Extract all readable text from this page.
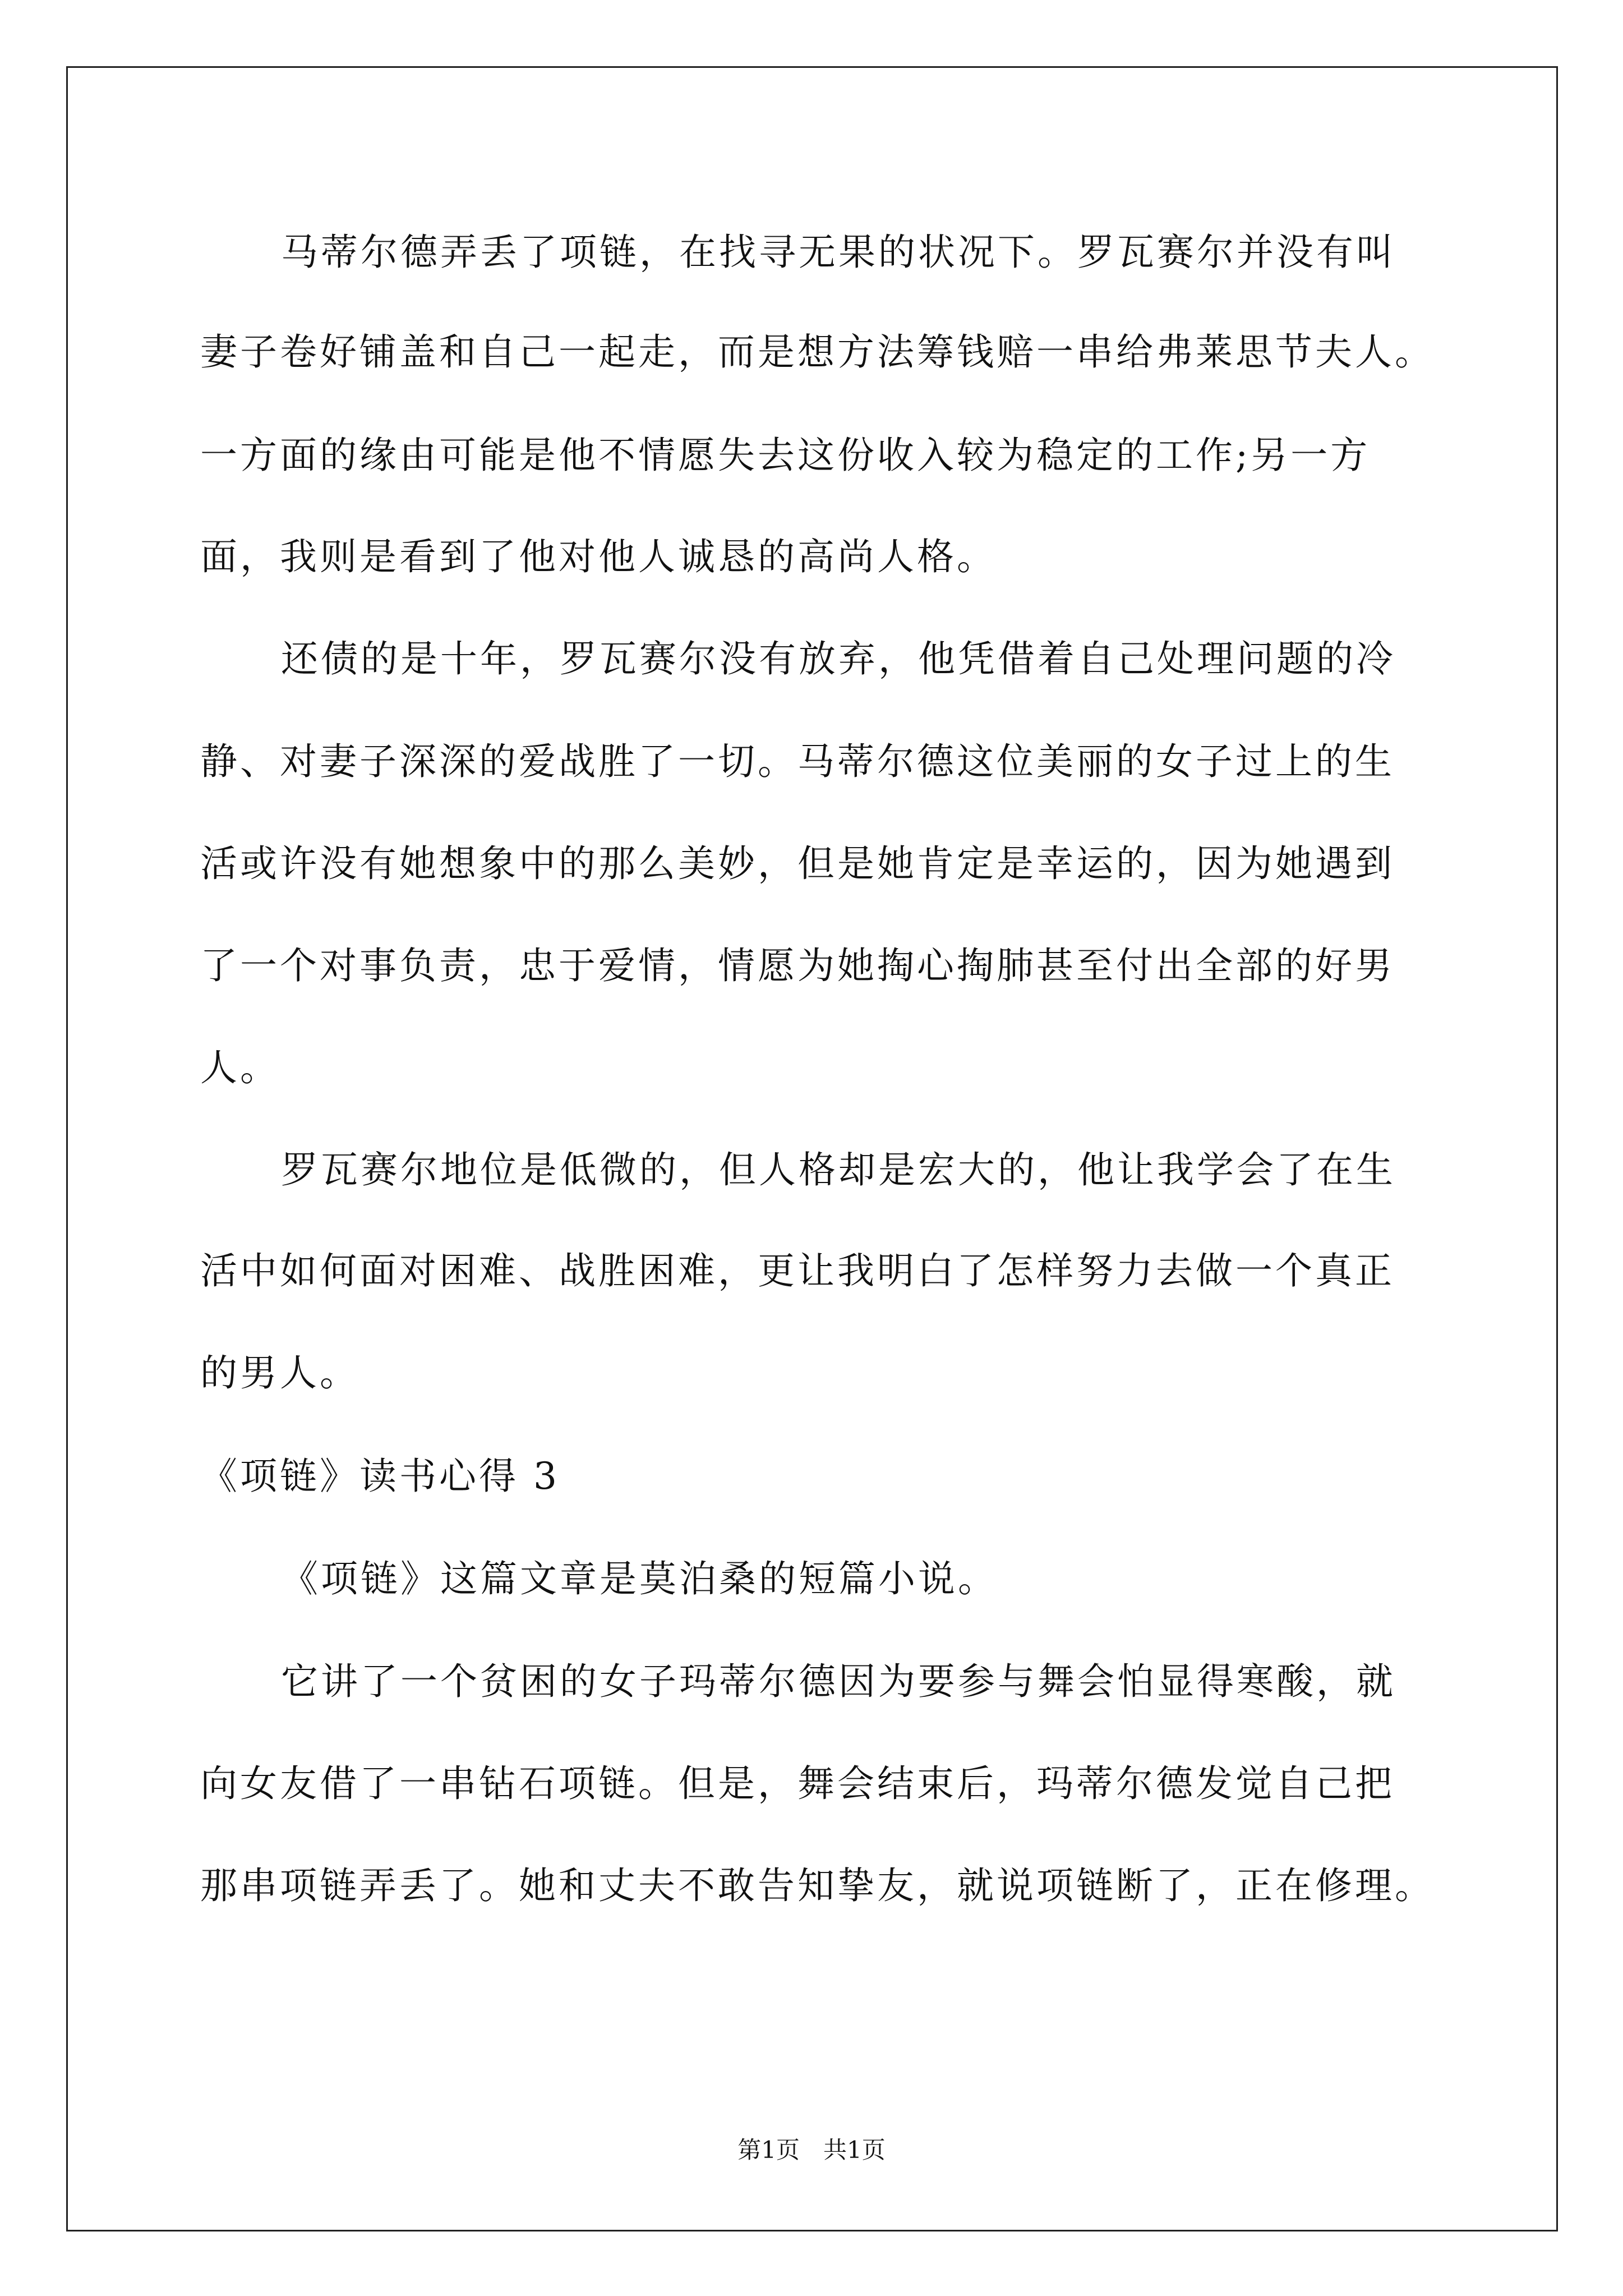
马蒂尔德弄丢了项链，在找寻无果的状况下。罗瓦赛尔并没有叫
妻子卷好铺盖和自己一起走，而是想方法筹钱赔一串给弗莱思节夫人。
一方面的缘由可能是他不情愿失去这份收入较为稳定的工作;另一方
面，我则是看到了他对他人诚恳的高尚人格。
还债的是十年，罗瓦赛尔没有放弃，他凭借着自己处理问题的冷
静、对妻子深深的爱战胜了一切。马蒂尔德这位美丽的女子过上的生
活或许没有她想象中的那么美妙，但是她肯定是幸运的，因为她遇到
了一个对事负责，忠于爱情，情愿为她掏心掏肺甚至付出全部的好男
人。
罗瓦赛尔地位是低微的，但人格却是宏大的，他让我学会了在生
活中如何面对困难、战胜困难，更让我明白了怎样努力去做一个真正
的男人。
《项链》读书心得 3
《项链》这篇文章是莫泊桑的短篇小说。
它讲了一个贫困的女子玛蒂尔德因为要参与舞会怕显得寒酸，就
向女友借了一串钻石项链。但是，舞会结束后，玛蒂尔德发觉自己把
那串项链弄丢了。她和丈夫不敢告知挚友，就说项链断了，正在修理。
第1页　共1页
